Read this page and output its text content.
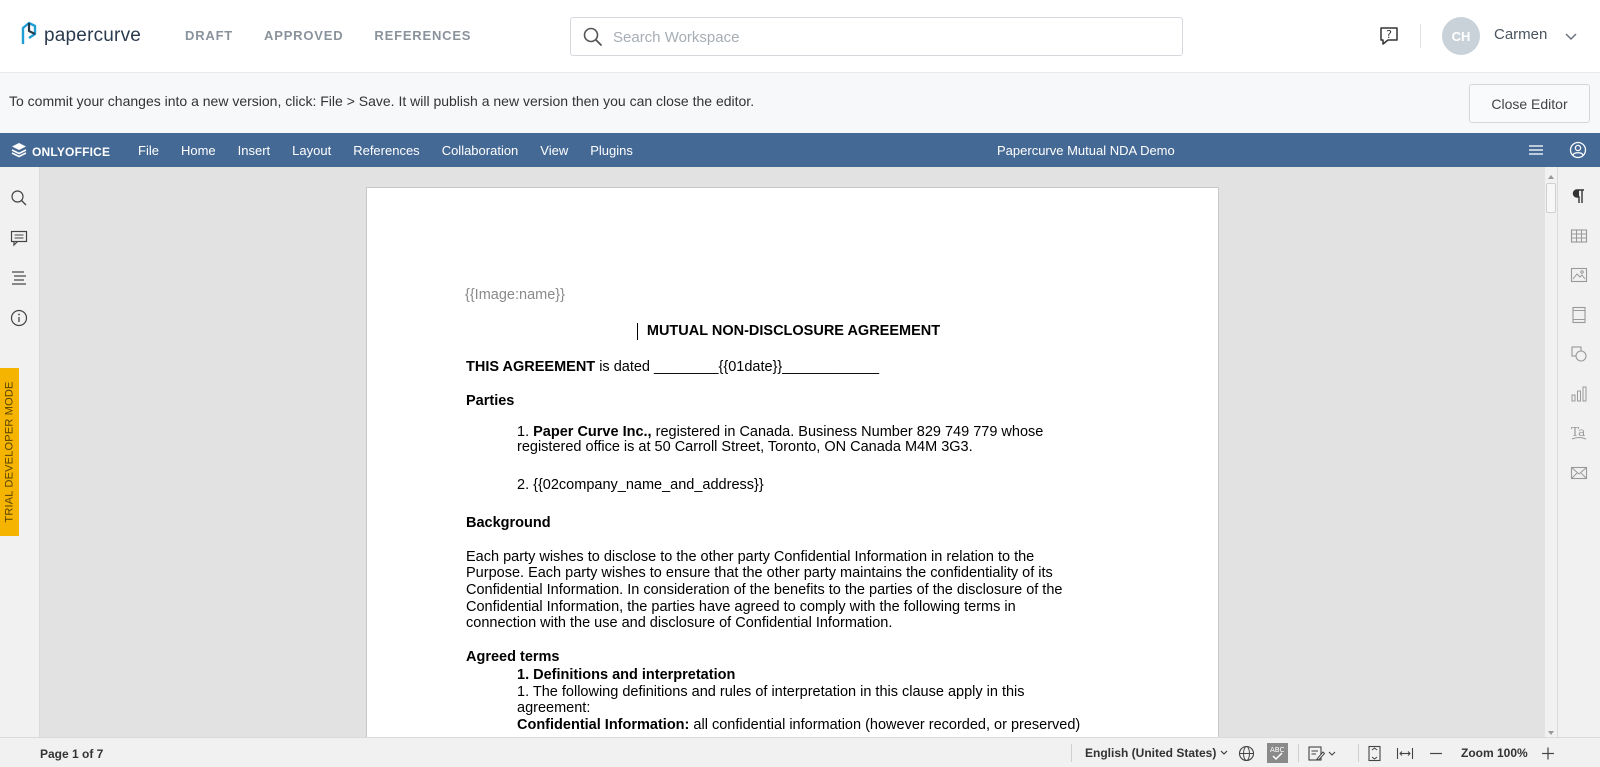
papercurve	DRAFT APPROVED REFERENCES
Search Workspace	?	CH	Carmen
To commit your changes into a new version, click: File > Save. It will publish a new version then you can close the editor.	Close Editor
ONLYOFFICE File Home Insert Layout References Collaboration View Plugins	Papercurve Mutual NDA Demo
TRIAL DEVELOPER MODE

{{Image:name}}

MUTUAL NON-DISCLOSURE AGREEMENT

THIS AGREEMENT is dated ________{{01date}}____________

Parties

1. Paper Curve Inc., registered in Canada. Business Number 829 749 779 whose

registered office is at 50 Carroll Street, Toronto, ON Canada M4M 3G3.

2. {{02company_name_and_address}}

Background

Each party wishes to disclose to the other party Confidential Information in relation to the

Purpose. Each party wishes to ensure that the other party maintains the confidentiality of its

Confidential Information. In consideration of the benefits to the parties of the disclosure of the

Confidential Information, the parties have agreed to comply with the following terms in

connection with the use and disclosure of Confidential Information.

Agreed terms

1. Definitions and interpretation

1. The following definitions and rules of interpretation in this clause apply in this

agreement:

Confidential Information: all confidential information (however recorded, or preserved)

Ta
Page 1 of 7	English (United States)	ABC	Zoom 100%
